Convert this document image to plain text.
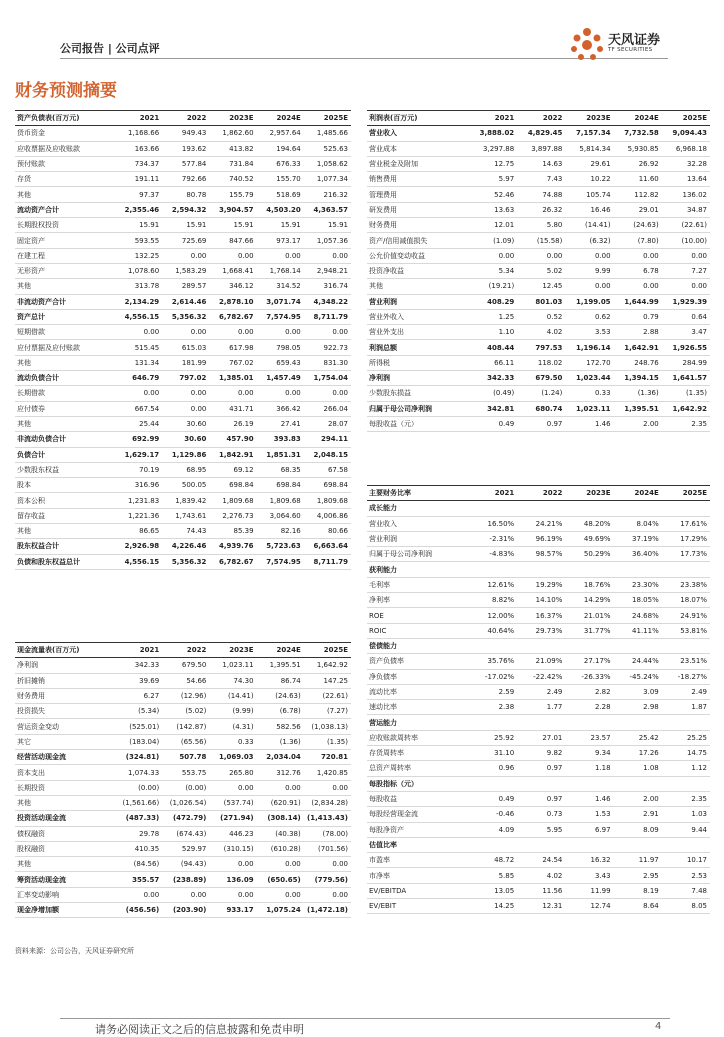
公司报告 | 公司点评
天风证券
TF SECURITIES
财务预测摘要
资产负债表(百万元)	2021	2022	2023E	2024E	2025E
货币资金	1,168.66	949.43	1,862.60	2,957.64	1,485.66
应收票据及应收账款	163.66	193.62	413.82	194.64	525.63
预付账款	734.37	577.84	731.84	676.33	1,058.62
存货	191.11	792.66	740.52	155.70	1,077.34
其他	97.37	80.78	155.79	518.69	216.32
流动资产合计	2,355.46	2,594.32	3,904.57	4,503.20	4,363.57
长期股权投资	15.91	15.91	15.91	15.91	15.91
固定资产	593.55	725.69	847.66	973.17	1,057.36
在建工程	132.25	0.00	0.00	0.00	0.00
无形资产	1,078.60	1,583.29	1,668.41	1,768.14	2,948.21
其他	313.78	289.57	346.12	314.52	316.74
非流动资产合计	2,134.29	2,614.46	2,878.10	3,071.74	4,348.22
资产总计	4,556.15	5,356.32	6,782.67	7,574.95	8,711.79
短期借款	0.00	0.00	0.00	0.00	0.00
应付票据及应付账款	515.45	615.03	617.98	798.05	922.73
其他	131.34	181.99	767.02	659.43	831.30
流动负债合计	646.79	797.02	1,385.01	1,457.49	1,754.04
长期借款	0.00	0.00	0.00	0.00	0.00
应付债券	667.54	0.00	431.71	366.42	266.04
其他	25.44	30.60	26.19	27.41	28.07
非流动负债合计	692.99	30.60	457.90	393.83	294.11
负债合计	1,629.17	1,129.86	1,842.91	1,851.31	2,048.15
少数股东权益	70.19	68.95	69.12	68.35	67.58
股本	316.96	500.05	698.84	698.84	698.84
资本公积	1,231.83	1,839.42	1,809.68	1,809.68	1,809.68
留存收益	1,221.36	1,743.61	2,276.73	3,064.60	4,006.86
其他	86.65	74.43	85.39	82.16	80.66
股东权益合计	2,926.98	4,226.46	4,939.76	5,723.63	6,663.64
负债和股东权益总计	4,556.15	5,356.32	6,782.67	7,574.95	8,711.79
利润表(百万元)	2021	2022	2023E	2024E	2025E
营业收入	3,888.02	4,829.45	7,157.34	7,732.58	9,094.43
营业成本	3,297.88	3,897.88	5,814.34	5,930.85	6,968.18
营业税金及附加	12.75	14.63	29.61	26.92	32.28
销售费用	5.97	7.43	10.22	11.60	13.64
管理费用	52.46	74.88	105.74	112.82	136.02
研发费用	13.63	26.32	16.46	29.01	34.87
财务费用	12.01	5.80	(14.41)	(24.63)	(22.61)
资产/信用减值损失	(1.09)	(15.58)	(6.32)	(7.80)	(10.00)
公允价值变动收益	0.00	0.00	0.00	0.00	0.00
投资净收益	5.34	5.02	9.99	6.78	7.27
其他	(19.21)	12.45	0.00	0.00	0.00
营业利润	408.29	801.03	1,199.05	1,644.99	1,929.39
营业外收入	1.25	0.52	0.62	0.79	0.64
营业外支出	1.10	4.02	3.53	2.88	3.47
利润总额	408.44	797.53	1,196.14	1,642.91	1,926.55
所得税	66.11	118.02	172.70	248.76	284.99
净利润	342.33	679.50	1,023.44	1,394.15	1,641.57
少数股东损益	(0.49)	(1.24)	0.33	(1.36)	(1.35)
归属于母公司净利润	342.81	680.74	1,023.11	1,395.51	1,642.92
每股收益（元）	0.49	0.97	1.46	2.00	2.35
现金流量表(百万元)	2021	2022	2023E	2024E	2025E
净利润	342.33	679.50	1,023.11	1,395.51	1,642.92
折旧摊销	39.69	54.66	74.30	86.74	147.25
财务费用	6.27	(12.96)	(14.41)	(24.63)	(22.61)
投资损失	(5.34)	(5.02)	(9.99)	(6.78)	(7.27)
营运资金变动	(525.01)	(142.87)	(4.31)	582.56	(1,038.13)
其它	(183.04)	(65.56)	0.33	(1.36)	(1.35)
经营活动现金流	(324.81)	507.78	1,069.03	2,034.04	720.81
资本支出	1,074.33	553.75	265.80	312.76	1,420.85
长期投资	(0.00)	(0.00)	0.00	0.00	0.00
其他	(1,561.66)	(1,026.54)	(537.74)	(620.91)	(2,834.28)
投资活动现金流	(487.33)	(472.79)	(271.94)	(308.14)	(1,413.43)
债权融资	29.78	(674.43)	446.23	(40.38)	(78.00)
股权融资	410.35	529.97	(310.15)	(610.28)	(701.56)
其他	(84.56)	(94.43)	0.00	0.00	0.00
筹资活动现金流	355.57	(238.89)	136.09	(650.65)	(779.56)
汇率变动影响	0.00	0.00	0.00	0.00	0.00
现金净增加额	(456.56)	(203.90)	933.17	1,075.24	(1,472.18)
主要财务比率	2021	2022	2023E	2024E	2025E
成长能力					
营业收入	16.50%	24.21%	48.20%	8.04%	17.61%
营业利润	-2.31%	96.19%	49.69%	37.19%	17.29%
归属于母公司净利润	-4.83%	98.57%	50.29%	36.40%	17.73%
获利能力					
毛利率	12.61%	19.29%	18.76%	23.30%	23.38%
净利率	8.82%	14.10%	14.29%	18.05%	18.07%
ROE	12.00%	16.37%	21.01%	24.68%	24.91%
ROIC	40.64%	29.73%	31.77%	41.11%	53.81%
偿债能力					
资产负债率	35.76%	21.09%	27.17%	24.44%	23.51%
净负债率	-17.02%	-22.42%	-26.33%	-45.24%	-18.27%
流动比率	2.59	2.49	2.82	3.09	2.49
速动比率	2.38	1.77	2.28	2.98	1.87
营运能力					
应收账款周转率	25.92	27.01	23.57	25.42	25.25
存货周转率	31.10	9.82	9.34	17.26	14.75
总资产周转率	0.96	0.97	1.18	1.08	1.12
每股指标（元）					
每股收益	0.49	0.97	1.46	2.00	2.35
每股经营现金流	-0.46	0.73	1.53	2.91	1.03
每股净资产	4.09	5.95	6.97	8.09	9.44
估值比率					
市盈率	48.72	24.54	16.32	11.97	10.17
市净率	5.85	4.02	3.43	2.95	2.53
EV/EBITDA	13.05	11.56	11.99	8.19	7.48
EV/EBIT	14.25	12.31	12.74	8.64	8.05
资料来源：公司公告，天风证券研究所
请务必阅读正文之后的信息披露和免责申明	4
